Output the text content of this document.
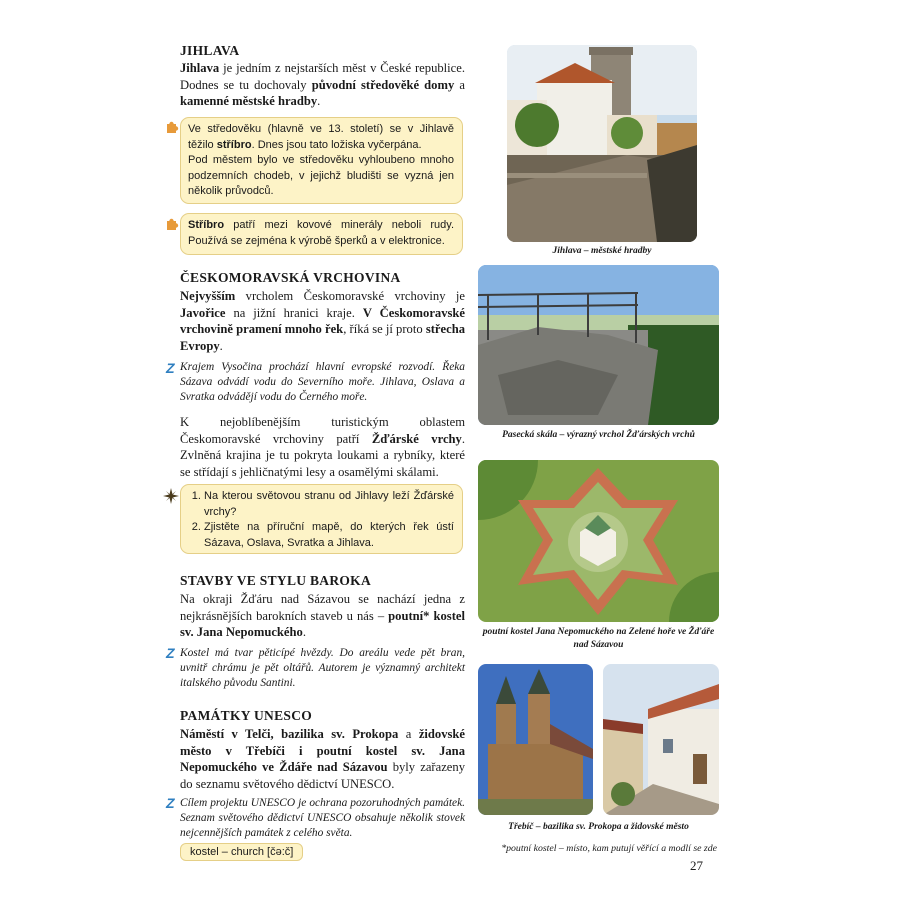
JIHLAVA

Jihlava je jedním z nejstarších měst v České republice. Dodnes se tu dochovaly původní středověké domy a kamenné městské hradby.

Ve středověku (hlavně ve 13. století) se v Jihlavě těžilo stříbro. Dnes jsou tato ložiska vyčerpána.

Pod městem bylo ve středověku vyhloubeno mnoho podzemních chodeb, v jejichž bludišti se vyzná jen několik průvodců.

Stříbro patří mezi kovové minerály neboli rudy. Používá se zejména k výrobě šperků a v elektronice.

ČESKOMORAVSKÁ VRCHOVINA

Nejvyšším vrcholem Českomoravské vrchoviny je Javořice na jižní hranici kraje. V Českomoravské vrchovině pramení mnoho řek, říká se jí proto střecha Evropy.

Z Krajem Vysočina prochází hlavní evropské rozvodí. Řeka Sázava odvádí vodu do Severního moře. Jihlava, Oslava a Svratka odvádějí vodu do Černého moře.

K nejoblíbenějším turistickým oblastem Českomoravské vrchoviny patří Žďárské vrchy. Zvlněná krajina je tu pokryta loukami a rybníky, které se střídají s jehličnatými lesy a osamělými skálami.

1. Na kterou světovou stranu od Jihlavy leží Žďárské vrchy?
2. Zjistěte na příruční mapě, do kterých řek ústí Sázava, Oslava, Svratka a Jihlava.
STAVBY VE STYLU BAROKA

Na okraji Žďáru nad Sázavou se nachází jedna z nejkrásnějších barokních staveb u nás – poutní* kostel sv. Jana Nepomuckého.

Z Kostel má tvar pěticípé hvězdy. Do areálu vede pět bran, uvnitř chrámu je pět oltářů. Autorem je významný architekt italského původu Santini.

PAMÁTKY UNESCO

Náměstí v Telči, bazilika sv. Prokopa a židovské město v Třebíči i poutní kostel sv. Jana Nepomuckého ve Ždáře nad Sázavou byly zařazeny do seznamu světového dědictví UNESCO.

Z Cílem projektu UNESCO je ochrana pozoruhodných památek. Seznam světového dědictví UNESCO obsahuje několik stovek nejcennějších památek z celého světa.

kostel – church [čə:č]
Jihlava – městské hradby
Pasecká skála – výrazný vrchol Žďárských vrchů
poutní kostel Jana Nepomuckého na Zelené hoře ve Žďáře nad Sázavou
Třebíč – bazilika sv. Prokopa a židovské město
*poutní kostel – místo, kam putují věřící a modlí se zde
27
